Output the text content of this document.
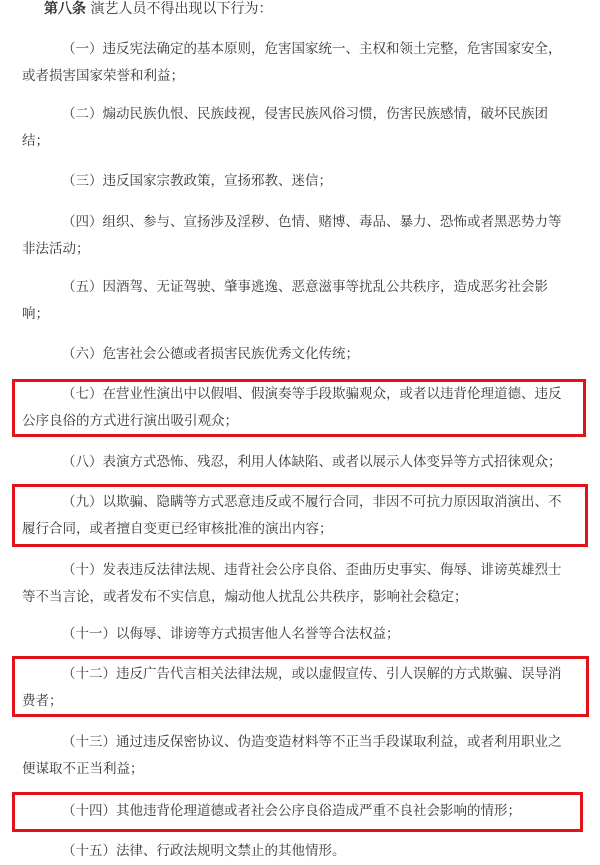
第八条 演艺人员不得出现以下行为：
（一）违反宪法确定的基本原则，危害国家统一、主权和领土完整，危害国家安全，
或者损害国家荣誉和利益；
（二）煽动民族仇恨、民族歧视，侵害民族风俗习惯，伤害民族感情，破坏民族团
结；
（三）违反国家宗教政策，宣扬邪教、迷信；
（四）组织、参与、宣扬涉及淫秽、色情、赌博、毒品、暴力、恐怖或者黑恶势力等
非法活动；
（五）因酒驾、无证驾驶、肇事逃逸、恶意滋事等扰乱公共秩序，造成恶劣社会影
响；
（六）危害社会公德或者损害民族优秀文化传统；
（七）在营业性演出中以假唱、假演奏等手段欺骗观众，或者以违背伦理道德、违反
公序良俗的方式进行演出吸引观众；
（八）表演方式恐怖、残忍，利用人体缺陷、或者以展示人体变异等方式招徕观众；
（九）以欺骗、隐瞒等方式恶意违反或不履行合同，非因不可抗力原因取消演出、不
履行合同，或者擅自变更已经审核批准的演出内容；
（十）发表违反法律法规、违背社会公序良俗、歪曲历史事实、侮辱、诽谤英雄烈士
等不当言论，或者发布不实信息，煽动他人扰乱公共秩序，影响社会稳定；
（十一）以侮辱、诽谤等方式损害他人名誉等合法权益；
（十二）违反广告代言相关法律法规，或以虚假宣传、引人误解的方式欺骗、误导消
费者；
（十三）通过违反保密协议、伪造变造材料等不正当手段谋取利益，或者利用职业之
便谋取不正当利益；
（十四）其他违背伦理道德或者社会公序良俗造成严重不良社会影响的情形；
（十五）法律、行政法规明文禁止的其他情形。
